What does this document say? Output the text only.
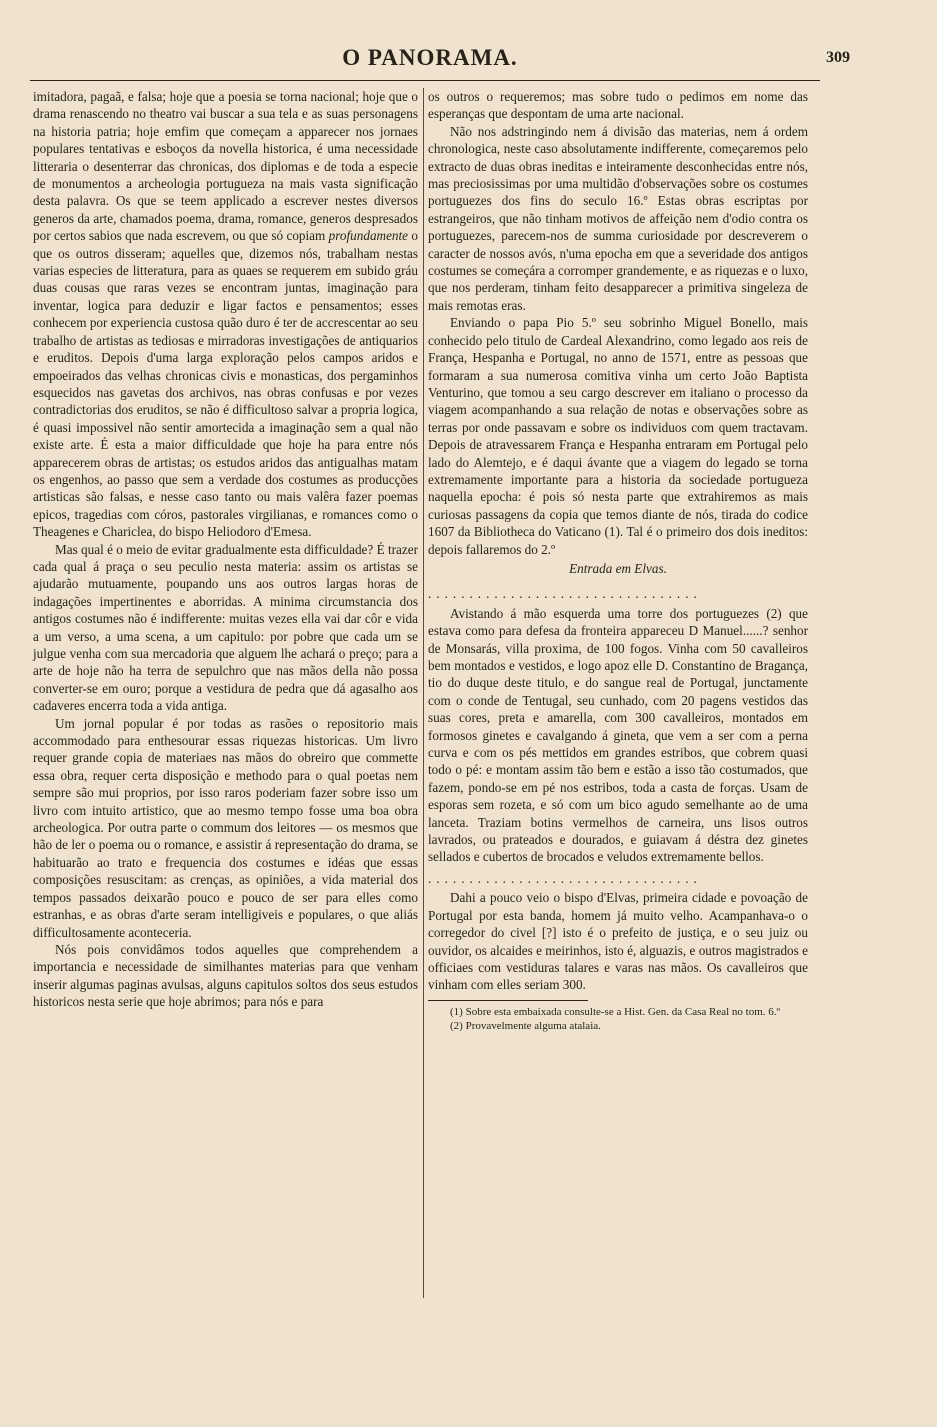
O PANORAMA.	309

imitadora, pagaã, e falsa; hoje que a poesia se torna nacional; hoje que o drama renascendo no theatro vai buscar a sua tela e as suas personagens na historia patria; hoje emfim que começam a apparecer nos jornaes populares tentativas e esboços da novella historica, é uma necessidade litteraria o desenterrar das chronicas, dos diplomas e de toda a especie de monumentos a archeologia portugueza na mais vasta significação desta palavra. Os que se teem applicado a escrever nestes diversos generos da arte, chamados poema, drama, romance, generos despresados por certos sabios que nada escrevem, ou que só copiam profundamente o que os outros disseram; aquelles que, dizemos nós, trabalham nestas varias especies de litteratura, para as quaes se requerem em subido gráu duas cousas que raras vezes se encontram juntas, imaginação para inventar, logica para deduzir e ligar factos e pensamentos; esses conhecem por experiencia custosa quão duro é ter de accrescentar ao seu trabalho de artistas as tediosas e mirradoras investigações de antiquarios e eruditos. Depois d'uma larga exploração pelos campos aridos e empoeirados das velhas chronicas civis e monasticas, dos pergaminhos esquecidos nas gavetas dos archivos, nas obras confusas e por vezes contradictorias dos eruditos, se não é difficultoso salvar a propria logica, é quasi impossivel não sentir amortecida a imaginação sem a qual não existe arte. É esta a maior difficuldade que hoje ha para entre nós apparecerem obras de artistas; os estudos aridos das antigualhas matam os engenhos, ao passo que sem a verdade dos costumes as producções artisticas são falsas, e nesse caso tanto ou mais valêra fazer poemas epicos, tragedias com córos, pastorales virgilianas, e romances como o Theagenes e Chariclea, do bispo Heliodoro d'Emesa.

Mas qual é o meio de evitar gradualmente esta difficuldade? É trazer cada qual á praça o seu peculio nesta materia: assim os artistas se ajudarão mutuamente, poupando uns aos outros largas horas de indagações impertinentes e aborridas. A minima circumstancia dos antigos costumes não é indifferente: muitas vezes ella vai dar côr e vida a um verso, a uma scena, a um capitulo: por pobre que cada um se julgue venha com sua mercadoria que alguem lhe achará o preço; para a arte de hoje não ha terra de sepulchro que nas mãos della não possa converter-se em ouro; porque a vestidura de pedra que dá agasalho aos cadaveres encerra toda a vida antiga.

Um jornal popular é por todas as rasões o repositorio mais accommodado para enthesourar essas riquezas historicas. Um livro requer grande copia de materiaes nas mãos do obreiro que commette essa obra, requer certa disposição e methodo para o qual poetas nem sempre são mui proprios, por isso raros poderiam fazer sobre isso um livro com intuito artistico, que ao mesmo tempo fosse uma boa obra archeologica. Por outra parte o commum dos leitores — os mesmos que hão de ler o poema ou o romance, e assistir á representação do drama, se habituarão ao trato e frequencia dos costumes e idéas que essas composições resuscitam: as crenças, as opiniões, a vida material dos tempos passados deixarão pouco e pouco de ser para elles como estranhas, e as obras d'arte seram intelligiveis e populares, o que aliás difficultosamente aconteceria.

Nós pois convidâmos todos aquelles que comprehendem a importancia e necessidade de similhantes materias para que venham inserir algumas paginas avulsas, alguns capitulos soltos dos seus estudos historicos nesta serie que hoje abrimos; para nós e para

os outros o requeremos; mas sobre tudo o pedimos em nome das esperanças que despontam de uma arte nacional.

Não nos adstringindo nem á divisão das materias, nem á ordem chronologica, neste caso absolutamente indifferente, começaremos pelo extracto de duas obras ineditas e inteiramente desconhecidas entre nós, mas preciosissimas por uma multidão d'observações sobre os costumes portuguezes dos fins do seculo 16.º Estas obras escriptas por estrangeiros, que não tinham motivos de affeição nem d'odio contra os portuguezes, parecem-nos de summa curiosidade por descreverem o caracter de nossos avós, n'uma epocha em que a severidade dos antigos costumes se começára a corromper grandemente, e as riquezas e o luxo, que nos perderam, tinham feito desapparecer a primitiva singeleza de mais remotas eras.

Enviando o papa Pio 5.º seu sobrinho Miguel Bonello, mais conhecido pelo titulo de Cardeal Alexandrino, como legado aos reis de França, Hespanha e Portugal, no anno de 1571, entre as pessoas que formaram a sua numerosa comitiva vinha um certo João Baptista Venturino, que tomou a seu cargo descrever em italiano o processo da viagem acompanhando a sua relação de notas e observações sobre as terras por onde passavam e sobre os individuos com quem tractavam. Depois de atravessarem França e Hespanha entraram em Portugal pelo lado do Alemtejo, e é daqui ávante que a viagem do legado se torna extremamente importante para a historia da sociedade portugueza naquella epocha: é pois só nesta parte que extrahiremos as mais curiosas passagens da copia que temos diante de nós, tirada do codice 1607 da Bibliotheca do Vaticano (1). Tal é o primeiro dos dois ineditos: depois fallaremos do 2.º

Entrada em Elvas.

.................................

Avistando á mão esquerda uma torre dos portuguezes (2) que estava como para defesa da fronteira appareceu D Manuel......? senhor de Monsarás, villa proxima, de 100 fogos. Vinha com 50 cavalleiros bem montados e vestidos, e logo apoz elle D. Constantino de Bragança, tio do duque deste titulo, e do sangue real de Portugal, junctamente com o conde de Tentugal, seu cunhado, com 20 pagens vestidos das suas cores, preta e amarella, com 300 cavalleiros, montados em formosos ginetes e cavalgando á gineta, que vem a ser com a perna curva e com os pés mettidos em grandes estribos, que cobrem quasi todo o pé: e montam assim tão bem e estão a isso tão costumados, que fazem, pondo-se em pé nos estribos, toda a casta de forças. Usam de esporas sem rozeta, e só com um bico agudo semelhante ao de uma lanceta. Traziam botins vermelhos de carneira, uns lisos outros lavrados, ou prateados e dourados, e guiavam á déstra dez ginetes sellados e cubertos de brocados e veludos extremamente bellos.

.................................

Dahi a pouco veio o bispo d'Elvas, primeira cidade e povoação de Portugal por esta banda, homem já muito velho. Acampanhava-o o corregedor do civel [?] isto é o prefeito de justiça, e o seu juiz ou ouvidor, os alcaides e meirinhos, isto é, alguazis, e outros magistrados e officiaes com vestiduras talares e varas nas mãos. Os cavalleiros que vinham com elles seriam 300.

(1) Sobre esta embaixada consulte-se a Hist. Gen. da Casa Real no tom. 6.º

(2) Provavelmente alguma atalaia.
